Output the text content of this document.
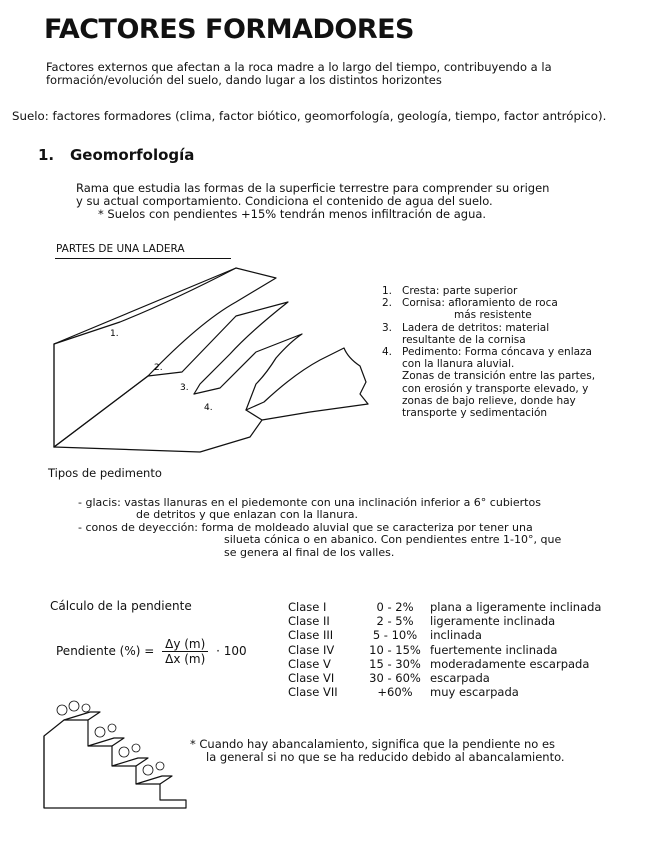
FACTORES FORMADORES
Factores externos que afectan a la roca madre a lo largo del tiempo, contribuyendo a la
formación/evolución del suelo, dando lugar a los distintos horizontes
Suelo: factores formadores (clima, factor biótico, geomorfología, geología, tiempo, factor antrópico).
1. Geomorfología
Rama que estudia las formas de la superficie terrestre para comprender su origen
y su actual comportamiento. Condiciona el contenido de agua del suelo.
* Suelos con pendientes +15% tendrán menos infiltración de agua.
PARTES DE UNA LADERA
1.
2.
3.
4.
1. Cresta: parte superior
2. Cornisa: afloramiento de roca
más resistente
3. Ladera de detritos: material
resultante de la cornisa
4. Pedimento: Forma cóncava y enlaza
con la llanura aluvial.
Zonas de transición entre las partes,
con erosión y transporte elevado, y
zonas de bajo relieve, donde hay
transporte y sedimentación
Tipos de pedimento
- glacis: vastas llanuras en el piedemonte con una inclinación inferior a 6° cubiertos
de detritos y que enlazan con la llanura.
- conos de deyección: forma de moldeado aluvial que se caracteriza por tener una
silueta cónica o en abanico. Con pendientes entre 1-10°, que
se genera al final de los valles.
Cálculo de la pendiente
Pendiente (%) = $\frac{\Delta y (m)}{\Delta x (m)} \cdot 100$
Clase I	0 - 2%	plana a ligeramente inclinada
Clase II	2 - 5%	ligeramente inclinada
Clase III	5 - 10%	inclinada
Clase IV	10 - 15%	fuertemente inclinada
Clase V	15 - 30%	moderadamente escarpada
Clase VI	30 - 60%	escarpada
Clase VII	+60%	muy escarpada
* Cuando hay abancalamiento, significa que la pendiente no es
la general si no que se ha reducido debido al abancalamiento.
